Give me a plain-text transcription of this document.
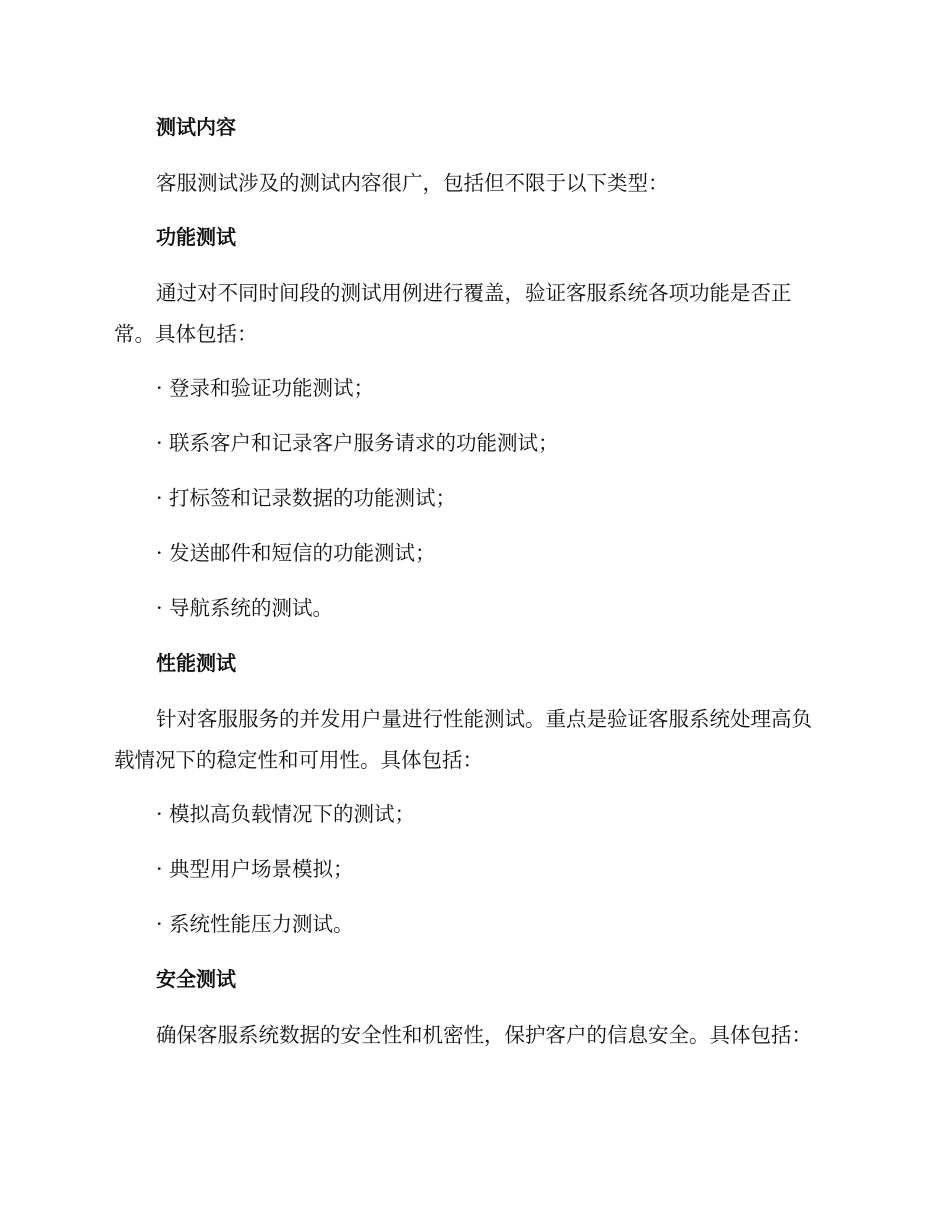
测试内容
客服测试涉及的测试内容很广，包括但不限于以下类型：
功能测试
通过对不同时间段的测试用例进行覆盖，验证客服系统各项功能是否正常。具体包括：
· 登录和验证功能测试；
· 联系客户和记录客户服务请求的功能测试；
· 打标签和记录数据的功能测试；
· 发送邮件和短信的功能测试；
· 导航系统的测试。
性能测试
针对客服服务的并发用户量进行性能测试。重点是验证客服系统处理高负载情况下的稳定性和可用性。具体包括：
· 模拟高负载情况下的测试；
· 典型用户场景模拟；
· 系统性能压力测试。
安全测试
确保客服系统数据的安全性和机密性，保护客户的信息安全。具体包括：
